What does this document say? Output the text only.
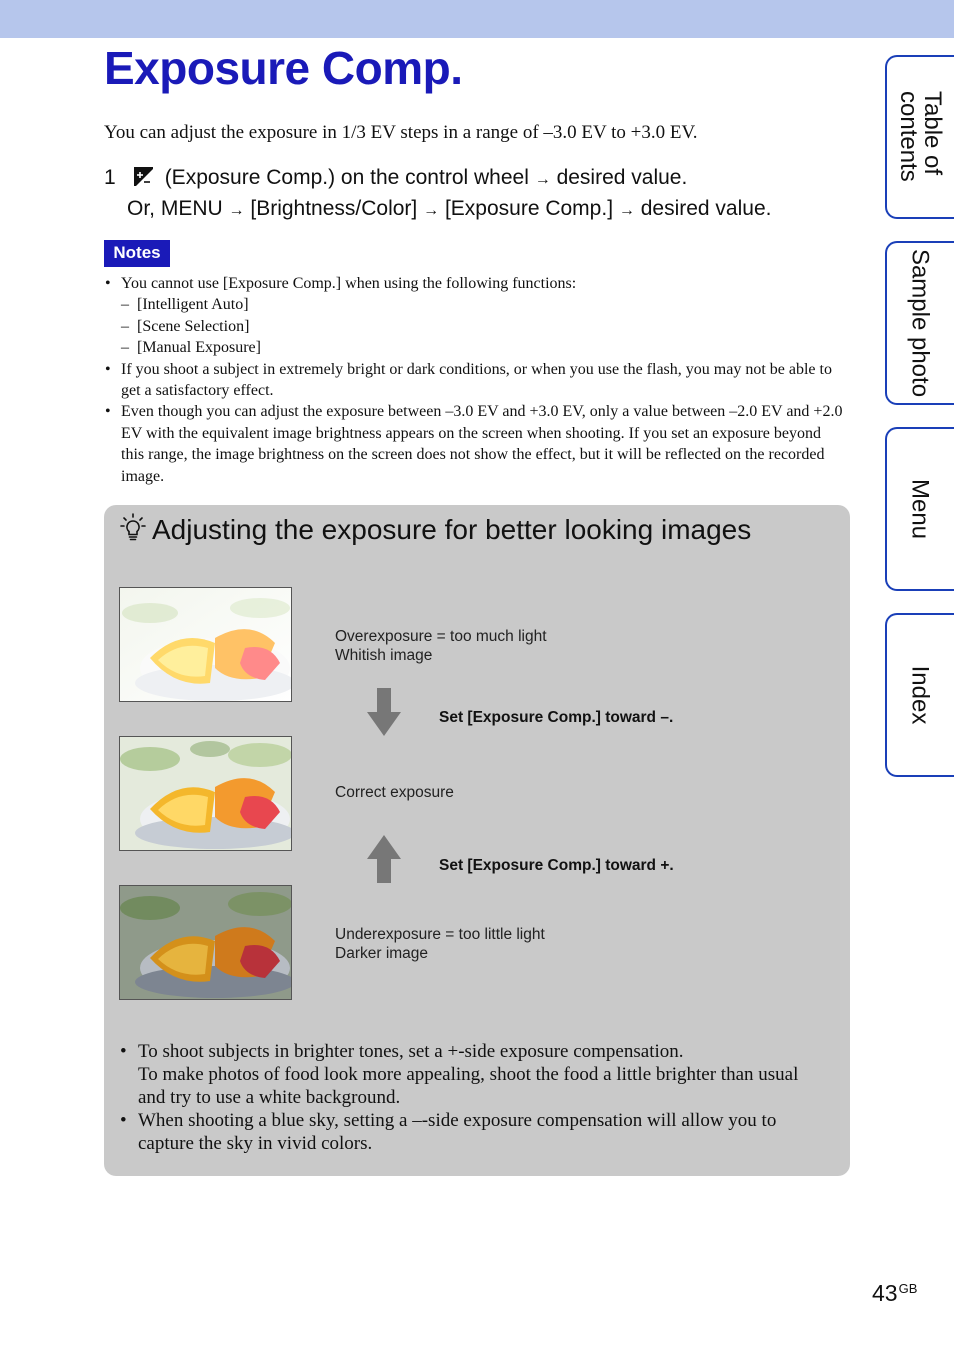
Exposure Comp.
You can adjust the exposure in 1/3 EV steps in a range of –3.0 EV to +3.0 EV.
1 (Exposure Comp.) on the control wheel → desired value.
Or, MENU → [Brightness/Color] → [Exposure Comp.] → desired value.
Notes
• You cannot use [Exposure Comp.] when using the following functions:
– [Intelligent Auto]
– [Scene Selection]
– [Manual Exposure]
• If you shoot a subject in extremely bright or dark conditions, or when you use the flash, you may not be able to get a satisfactory effect.
• Even though you can adjust the exposure between –3.0 EV and +3.0 EV, only a value between –2.0 EV and +2.0 EV with the equivalent image brightness appears on the screen when shooting. If you set an exposure beyond this range, the image brightness on the screen does not show the effect, but it will be reflected on the recorded image.
Adjusting the exposure for better looking images
Overexposure = too much light
Whitish image
Set [Exposure Comp.] toward –.
Correct exposure
Set [Exposure Comp.] toward +.
Underexposure = too little light
Darker image
• To shoot subjects in brighter tones, set a +-side exposure compensation.
To make photos of food look more appealing, shoot the food a little brighter than usual and try to use a white background.
• When shooting a blue sky, setting a –-side exposure compensation will allow you to capture the sky in vivid colors.
Table of contents
Sample photo
Menu
Index
$43^{GB}$
